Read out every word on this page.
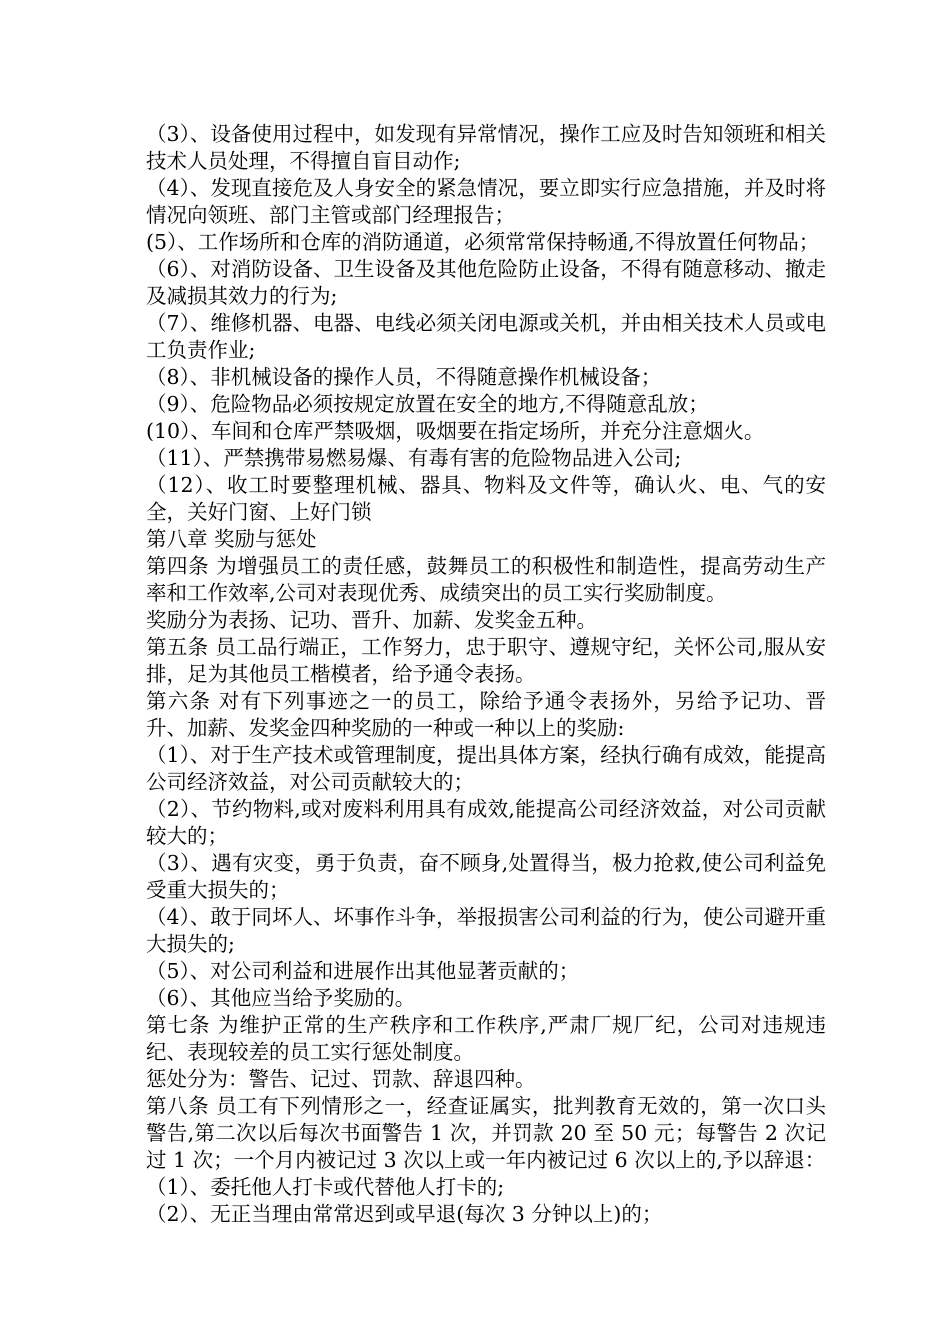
（3）、设备使用过程中，如发现有异常情况，操作工应及时告知领班和相关技术人员处理，不得擅自盲目动作;

（4）、发现直接危及人身安全的紧急情况，要立即实行应急措施，并及时将情况向领班、部门主管或部门经理报告；

(5）、工作场所和仓库的消防通道，必须常常保持畅通,不得放置任何物品；

（6）、对消防设备、卫生设备及其他危险防止设备，不得有随意移动、撤走及减损其效力的行为;

（7）、维修机器、电器、电线必须关闭电源或关机，并由相关技术人员或电工负责作业;

（8）、非机械设备的操作人员，不得随意操作机械设备；

（9）、危险物品必须按规定放置在安全的地方,不得随意乱放；

(10）、车间和仓库严禁吸烟，吸烟要在指定场所，并充分注意烟火。

（11）、严禁携带易燃易爆、有毒有害的危险物品进入公司;

（12）、收工时要整理机械、器具、物料及文件等，确认火、电、气的安全，关好门窗、上好门锁

第八章 奖励与惩处

第四条 为增强员工的责任感，鼓舞员工的积极性和制造性，提高劳动生产率和工作效率,公司对表现优秀、成绩突出的员工实行奖励制度。

奖励分为表扬、记功、晋升、加薪、发奖金五种。

第五条 员工品行端正，工作努力，忠于职守、遵规守纪，关怀公司,服从安排，足为其他员工楷模者，给予通令表扬。

第六条 对有下列事迹之一的员工，除给予通令表扬外，另给予记功、晋升、加薪、发奖金四种奖励的一种或一种以上的奖励:

（1）、对于生产技术或管理制度，提出具体方案，经执行确有成效，能提高公司经济效益，对公司贡献较大的；

（2）、节约物料,或对废料利用具有成效,能提高公司经济效益，对公司贡献较大的；

（3）、遇有灾变，勇于负责，奋不顾身,处置得当，极力抢救,使公司利益免受重大损失的；

（4）、敢于同坏人、坏事作斗争，举报损害公司利益的行为，使公司避开重大损失的;

（5）、对公司利益和进展作出其他显著贡献的；

（6）、其他应当给予奖励的。

第七条 为维护正常的生产秩序和工作秩序,严肃厂规厂纪，公司对违规违纪、表现较差的员工实行惩处制度。

惩处分为：警告、记过、罚款、辞退四种。

第八条 员工有下列情形之一，经查证属实，批判教育无效的，第一次口头警告,第二次以后每次书面警告 1 次，并罚款 20 至 50 元；每警告 2 次记过 1 次；一个月内被记过 3 次以上或一年内被记过 6 次以上的,予以辞退：

（1）、委托他人打卡或代替他人打卡的;

（2）、无正当理由常常迟到或早退(每次 3 分钟以上)的；
